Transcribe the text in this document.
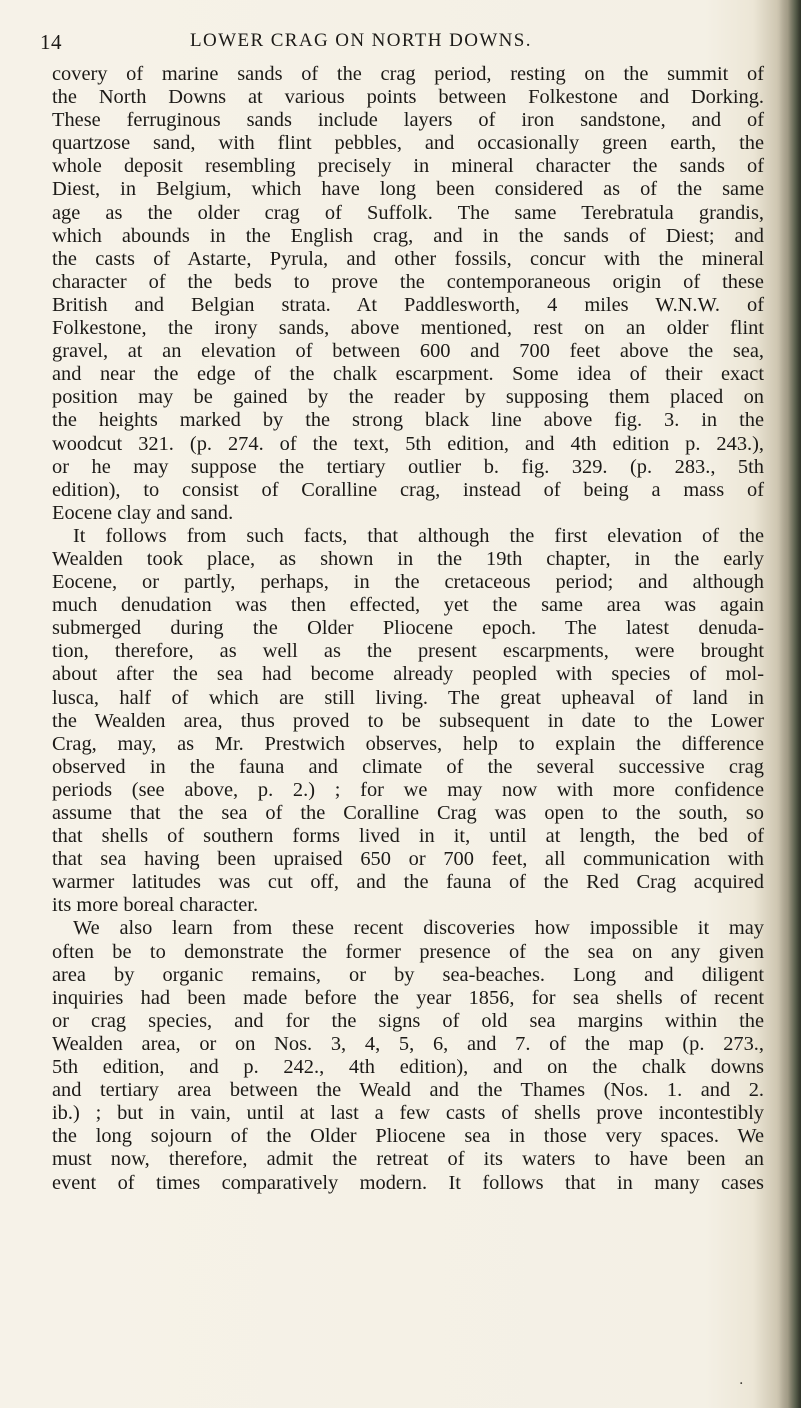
14	LOWER CRAG ON NORTH DOWNS.
covery of marine sands of the crag period, resting on the summit of
the North Downs at various points between Folkestone and Dorking.
These ferruginous sands include layers of iron sandstone, and of
quartzose sand, with flint pebbles, and occasionally green earth, the
whole deposit resembling precisely in mineral character the sands of
Diest, in Belgium, which have long been considered as of the same
age as the older crag of Suffolk. The same Terebratula grandis,
which abounds in the English crag, and in the sands of Diest; and
the casts of Astarte, Pyrula, and other fossils, concur with the mineral
character of the beds to prove the contemporaneous origin of these
British and Belgian strata. At Paddlesworth, 4 miles W.N.W. of
Folkestone, the irony sands, above mentioned, rest on an older flint
gravel, at an elevation of between 600 and 700 feet above the sea,
and near the edge of the chalk escarpment. Some idea of their exact
position may be gained by the reader by supposing them placed on
the heights marked by the strong black line above fig. 3. in the
woodcut 321. (p. 274. of the text, 5th edition, and 4th edition p. 243.),
or he may suppose the tertiary outlier b. fig. 329. (p. 283., 5th
edition), to consist of Coralline crag, instead of being a mass of
Eocene clay and sand.
It follows from such facts, that although the first elevation of the
Wealden took place, as shown in the 19th chapter, in the early
Eocene, or partly, perhaps, in the cretaceous period; and although
much denudation was then effected, yet the same area was again
submerged during the Older Pliocene epoch. The latest denuda-
tion, therefore, as well as the present escarpments, were brought
about after the sea had become already peopled with species of mol-
lusca, half of which are still living. The great upheaval of land in
the Wealden area, thus proved to be subsequent in date to the Lower
Crag, may, as Mr. Prestwich observes, help to explain the difference
observed in the fauna and climate of the several successive crag
periods (see above, p. 2.) ; for we may now with more confidence
assume that the sea of the Coralline Crag was open to the south, so
that shells of southern forms lived in it, until at length, the bed of
that sea having been upraised 650 or 700 feet, all communication with
warmer latitudes was cut off, and the fauna of the Red Crag acquired
its more boreal character.
We also learn from these recent discoveries how impossible it may
often be to demonstrate the former presence of the sea on any given
area by organic remains, or by sea-beaches. Long and diligent
inquiries had been made before the year 1856, for sea shells of recent
or crag species, and for the signs of old sea margins within the
Wealden area, or on Nos. 3, 4, 5, 6, and 7. of the map (p. 273.,
5th edition, and p. 242., 4th edition), and on the chalk downs
and tertiary area between the Weald and the Thames (Nos. 1. and 2.
ib.) ; but in vain, until at last a few casts of shells prove incontestibly
the long sojourn of the Older Pliocene sea in those very spaces. We
must now, therefore, admit the retreat of its waters to have been an
event of times comparatively modern. It follows that in many cases
.
